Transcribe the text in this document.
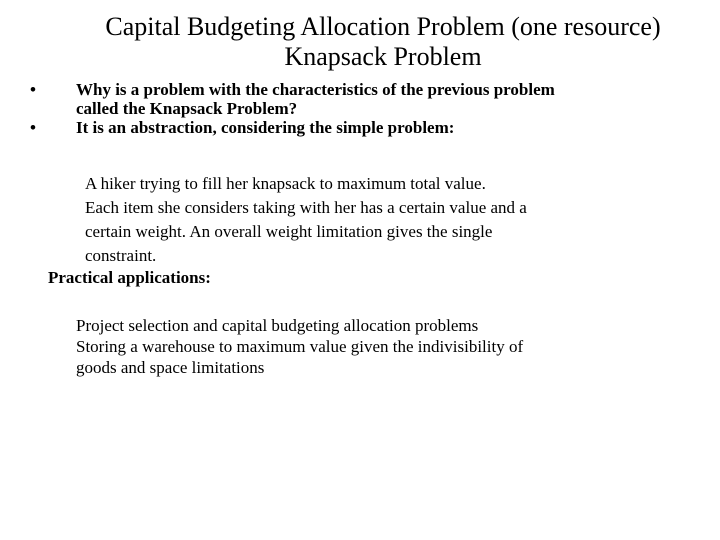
Capital Budgeting Allocation Problem (one resource)
Knapsack Problem
• Why is a problem with the characteristics of the previous problem
called the Knapsack Problem?
• It is an abstraction, considering the simple problem:
A hiker trying to fill her knapsack to maximum total value.
Each item she considers taking with her has a certain value and a
certain weight. An overall weight limitation gives the single
constraint.
Practical applications:
Project selection and capital budgeting allocation problems
Storing a warehouse to maximum value given the indivisibility of
goods and space limitations
